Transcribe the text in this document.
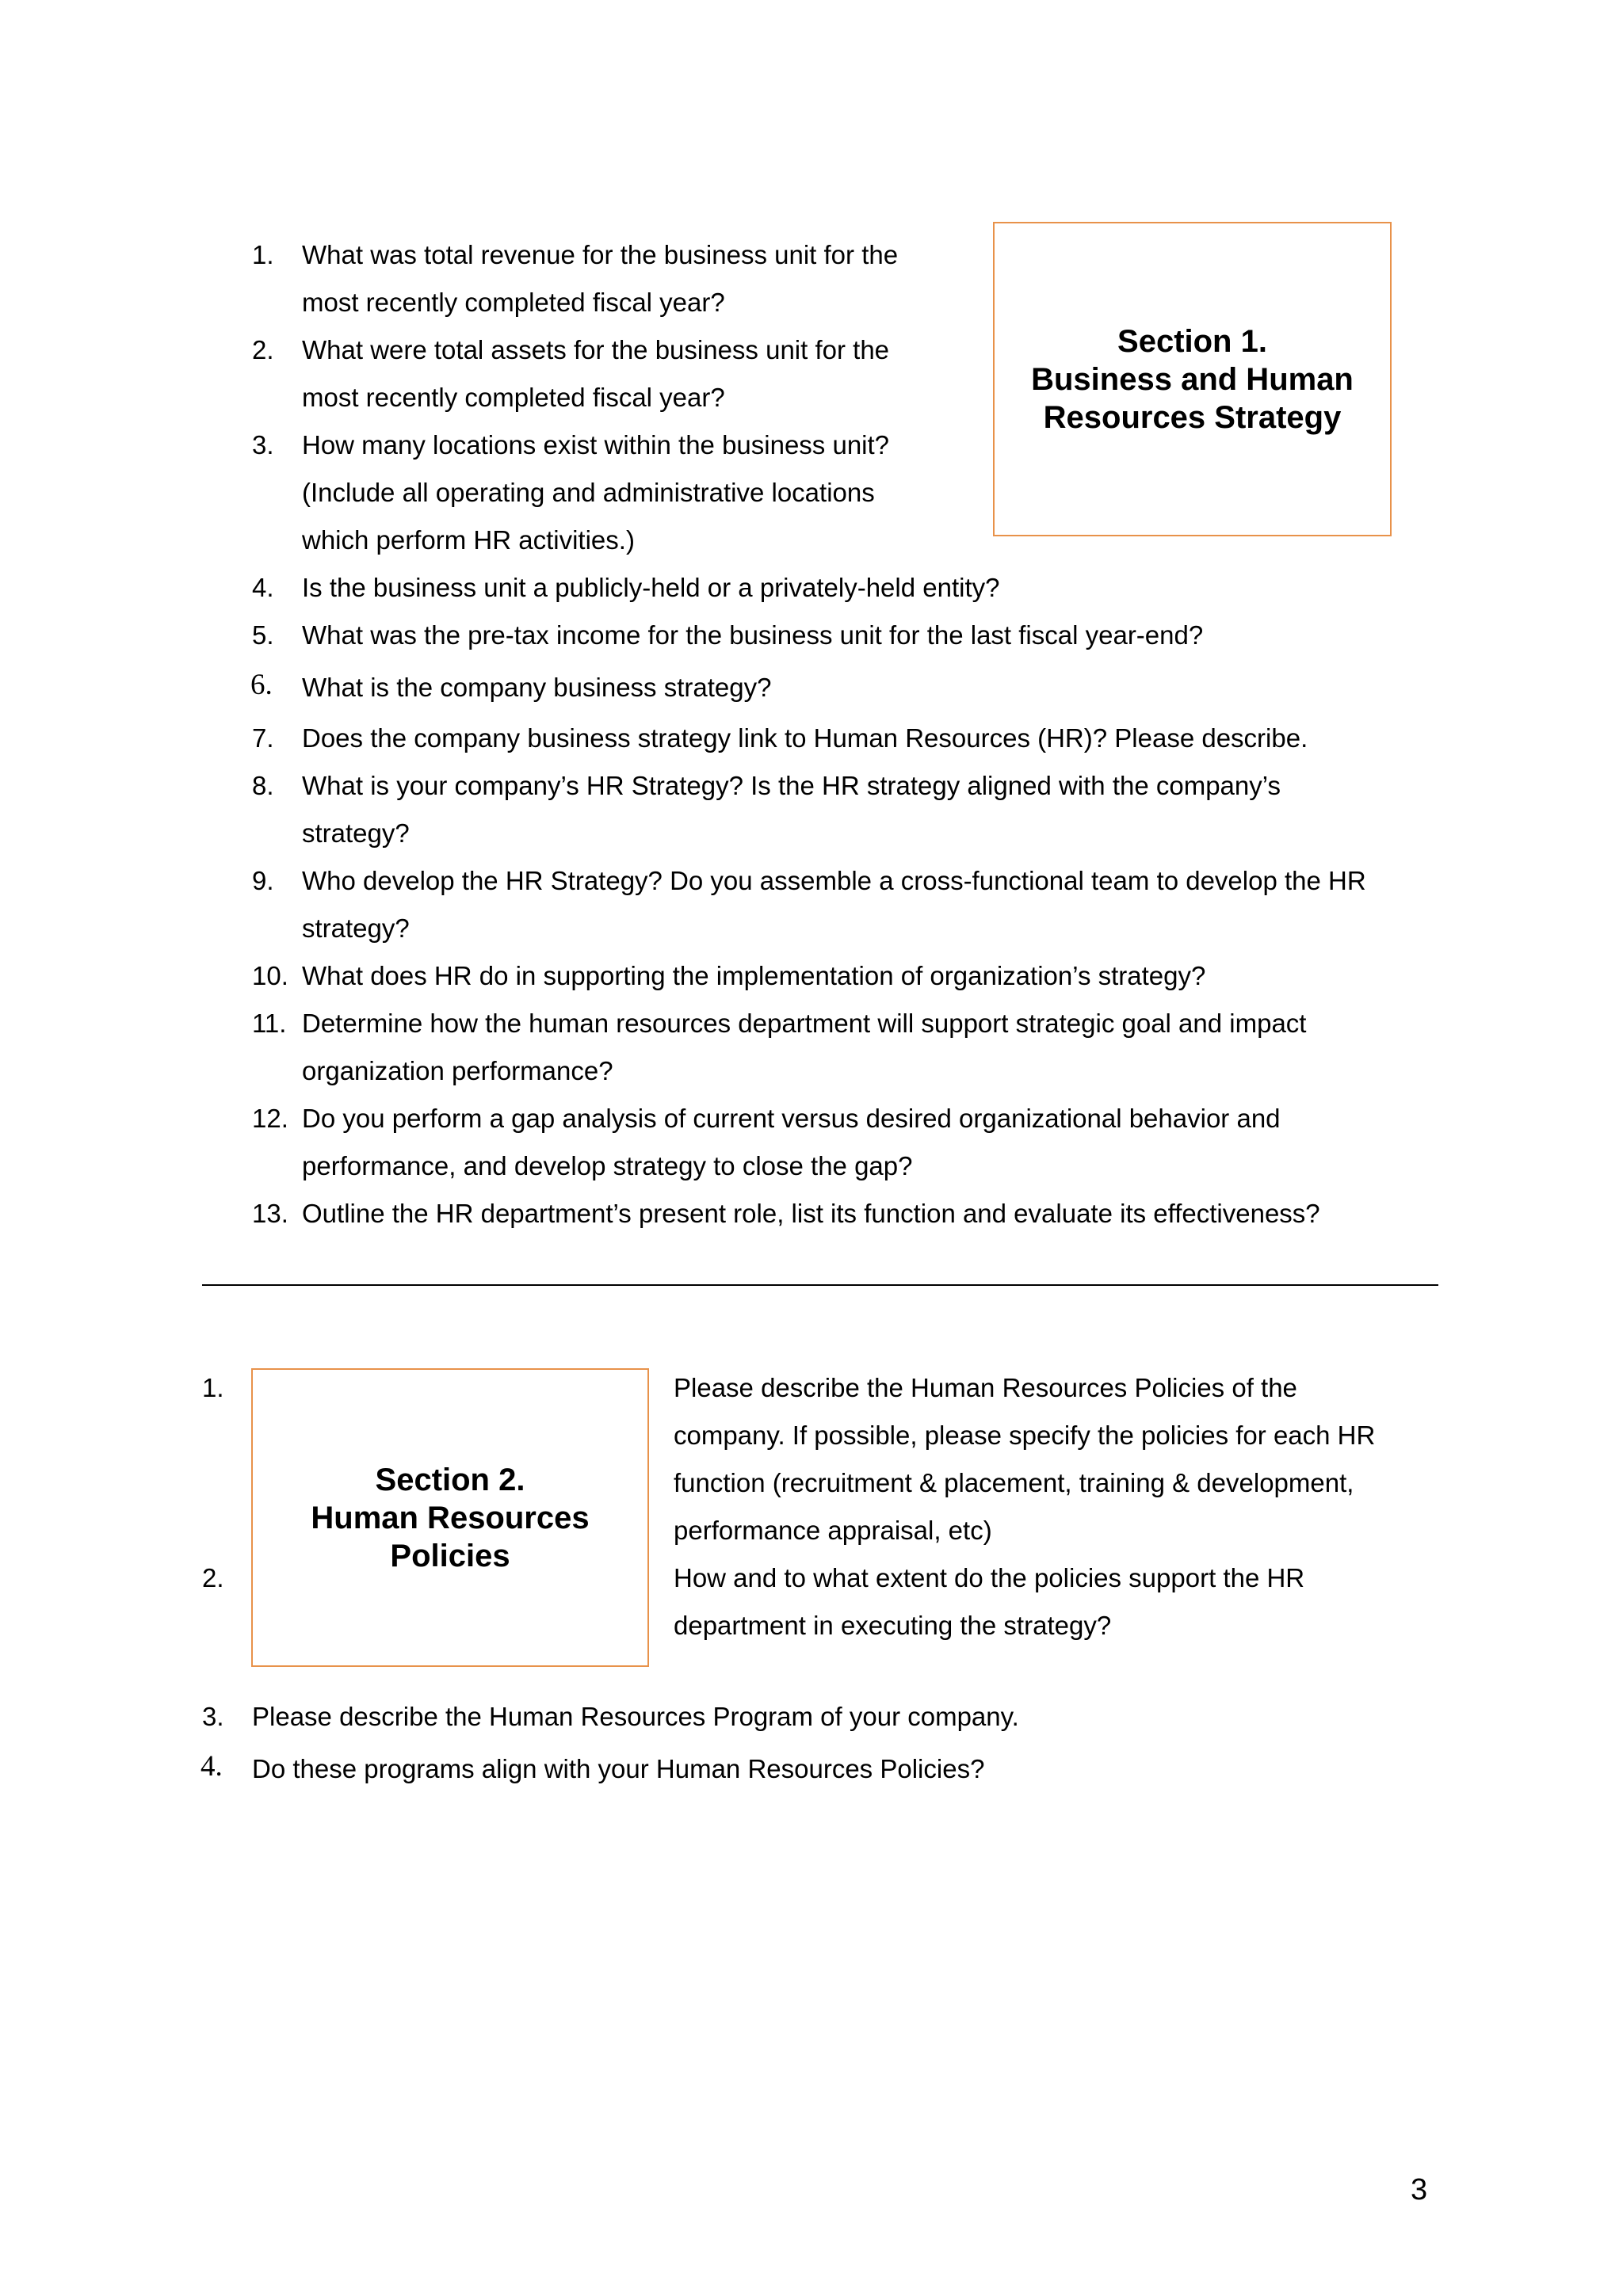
Section 1.
Business and Human
Resources Strategy
1. What was total revenue for the business unit for the
most recently completed fiscal year?
2. What were total assets for the business unit for the
most recently completed fiscal year?
3. How many locations exist within the business unit?
(Include all operating and administrative locations
which perform HR activities.)
4. Is the business unit a publicly-held or a privately-held entity?
5. What was the pre-tax income for the business unit for the last fiscal year-end?
6. What is the company business strategy?
7. Does the company business strategy link to Human Resources (HR)? Please describe.
8. What is your company’s HR Strategy? Is the HR strategy aligned with the company’s
strategy?
9. Who develop the HR Strategy? Do you assemble a cross-functional team to develop the HR
strategy?
10. What does HR do in supporting the implementation of organization’s strategy?
11. Determine how the human resources department will support strategic goal and impact
organization performance?
12. Do you perform a gap analysis of current versus desired organizational behavior and
performance, and develop strategy to close the gap?
13. Outline the HR department’s present role, list its function and evaluate its effectiveness?
Section 2.
Human Resources
Policies
1.	Please describe the Human Resources Policies of the
company. If possible, please specify the policies for each HR
function (recruitment & placement, training & development,
performance appraisal, etc)
2.	How and to what extent do the policies support the HR
department in executing the strategy?
3. Please describe the Human Resources Program of your company.
4. Do these programs align with your Human Resources Policies?
3
